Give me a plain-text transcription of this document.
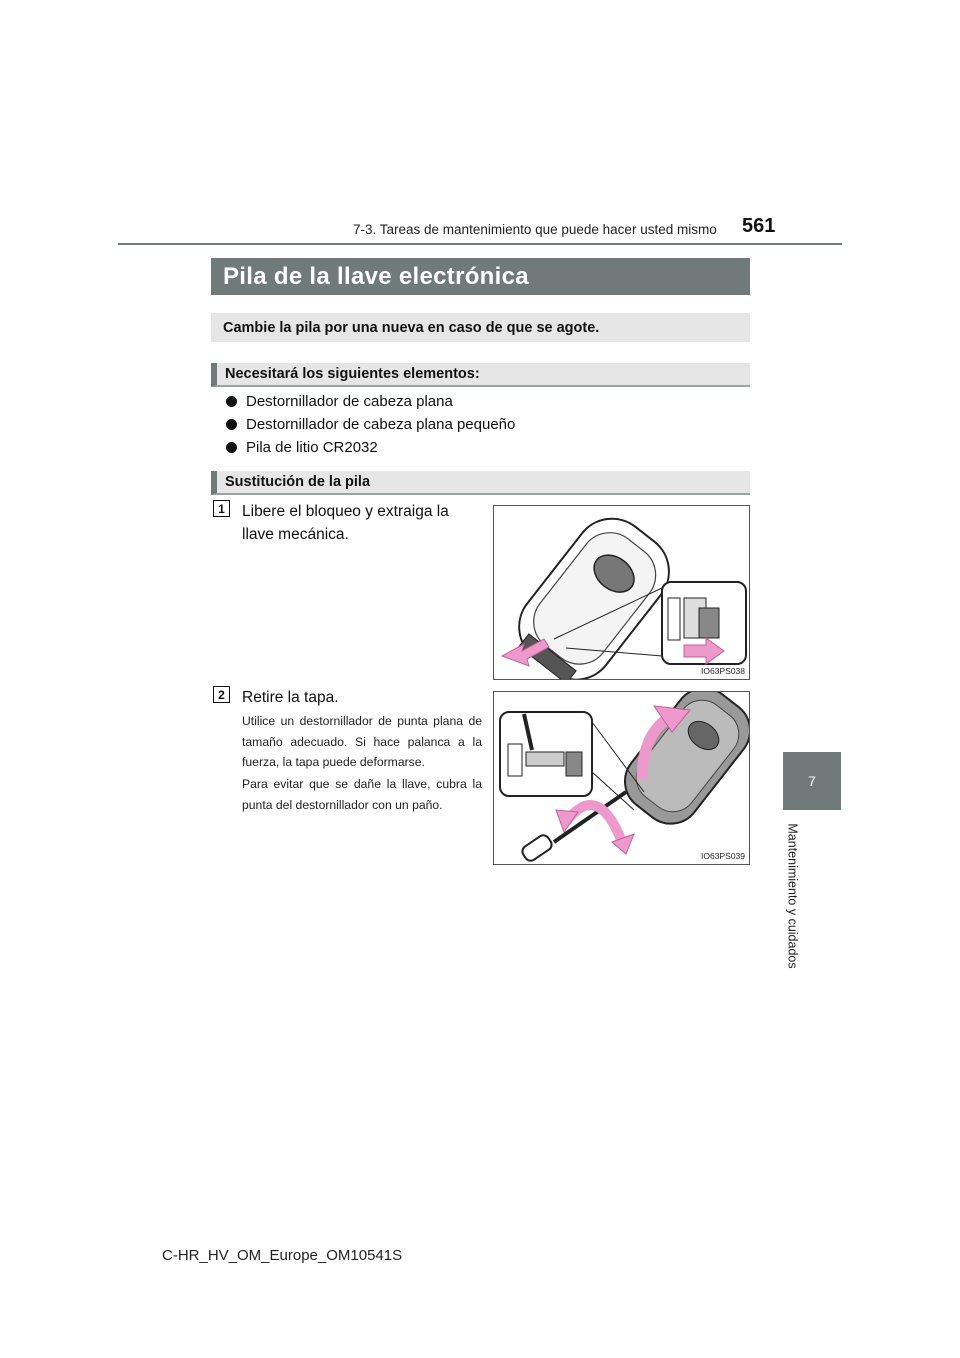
7-3. Tareas de mantenimiento que puede hacer usted mismo 561
7
Mantenimiento y cuidados
Pila de la llave electrónica
Cambie la pila por una nueva en caso de que se agote.
Necesitará los siguientes elementos:
Destornillador de cabeza plana
Destornillador de cabeza plana pequeño
Pila de litio CR2032
Sustitución de la pila
1	Libere el bloqueo y extraiga la llave mecánica.
IO63PS038
2	Retire la tapa.
Utilice un destornillador de punta plana de tamaño adecuado. Si hace palanca a la fuerza, la tapa puede deformarse.
Para evitar que se dañe la llave, cubra la punta del destornillador con un paño.
IO63PS039
C-HR_HV_OM_Europe_OM10541S
